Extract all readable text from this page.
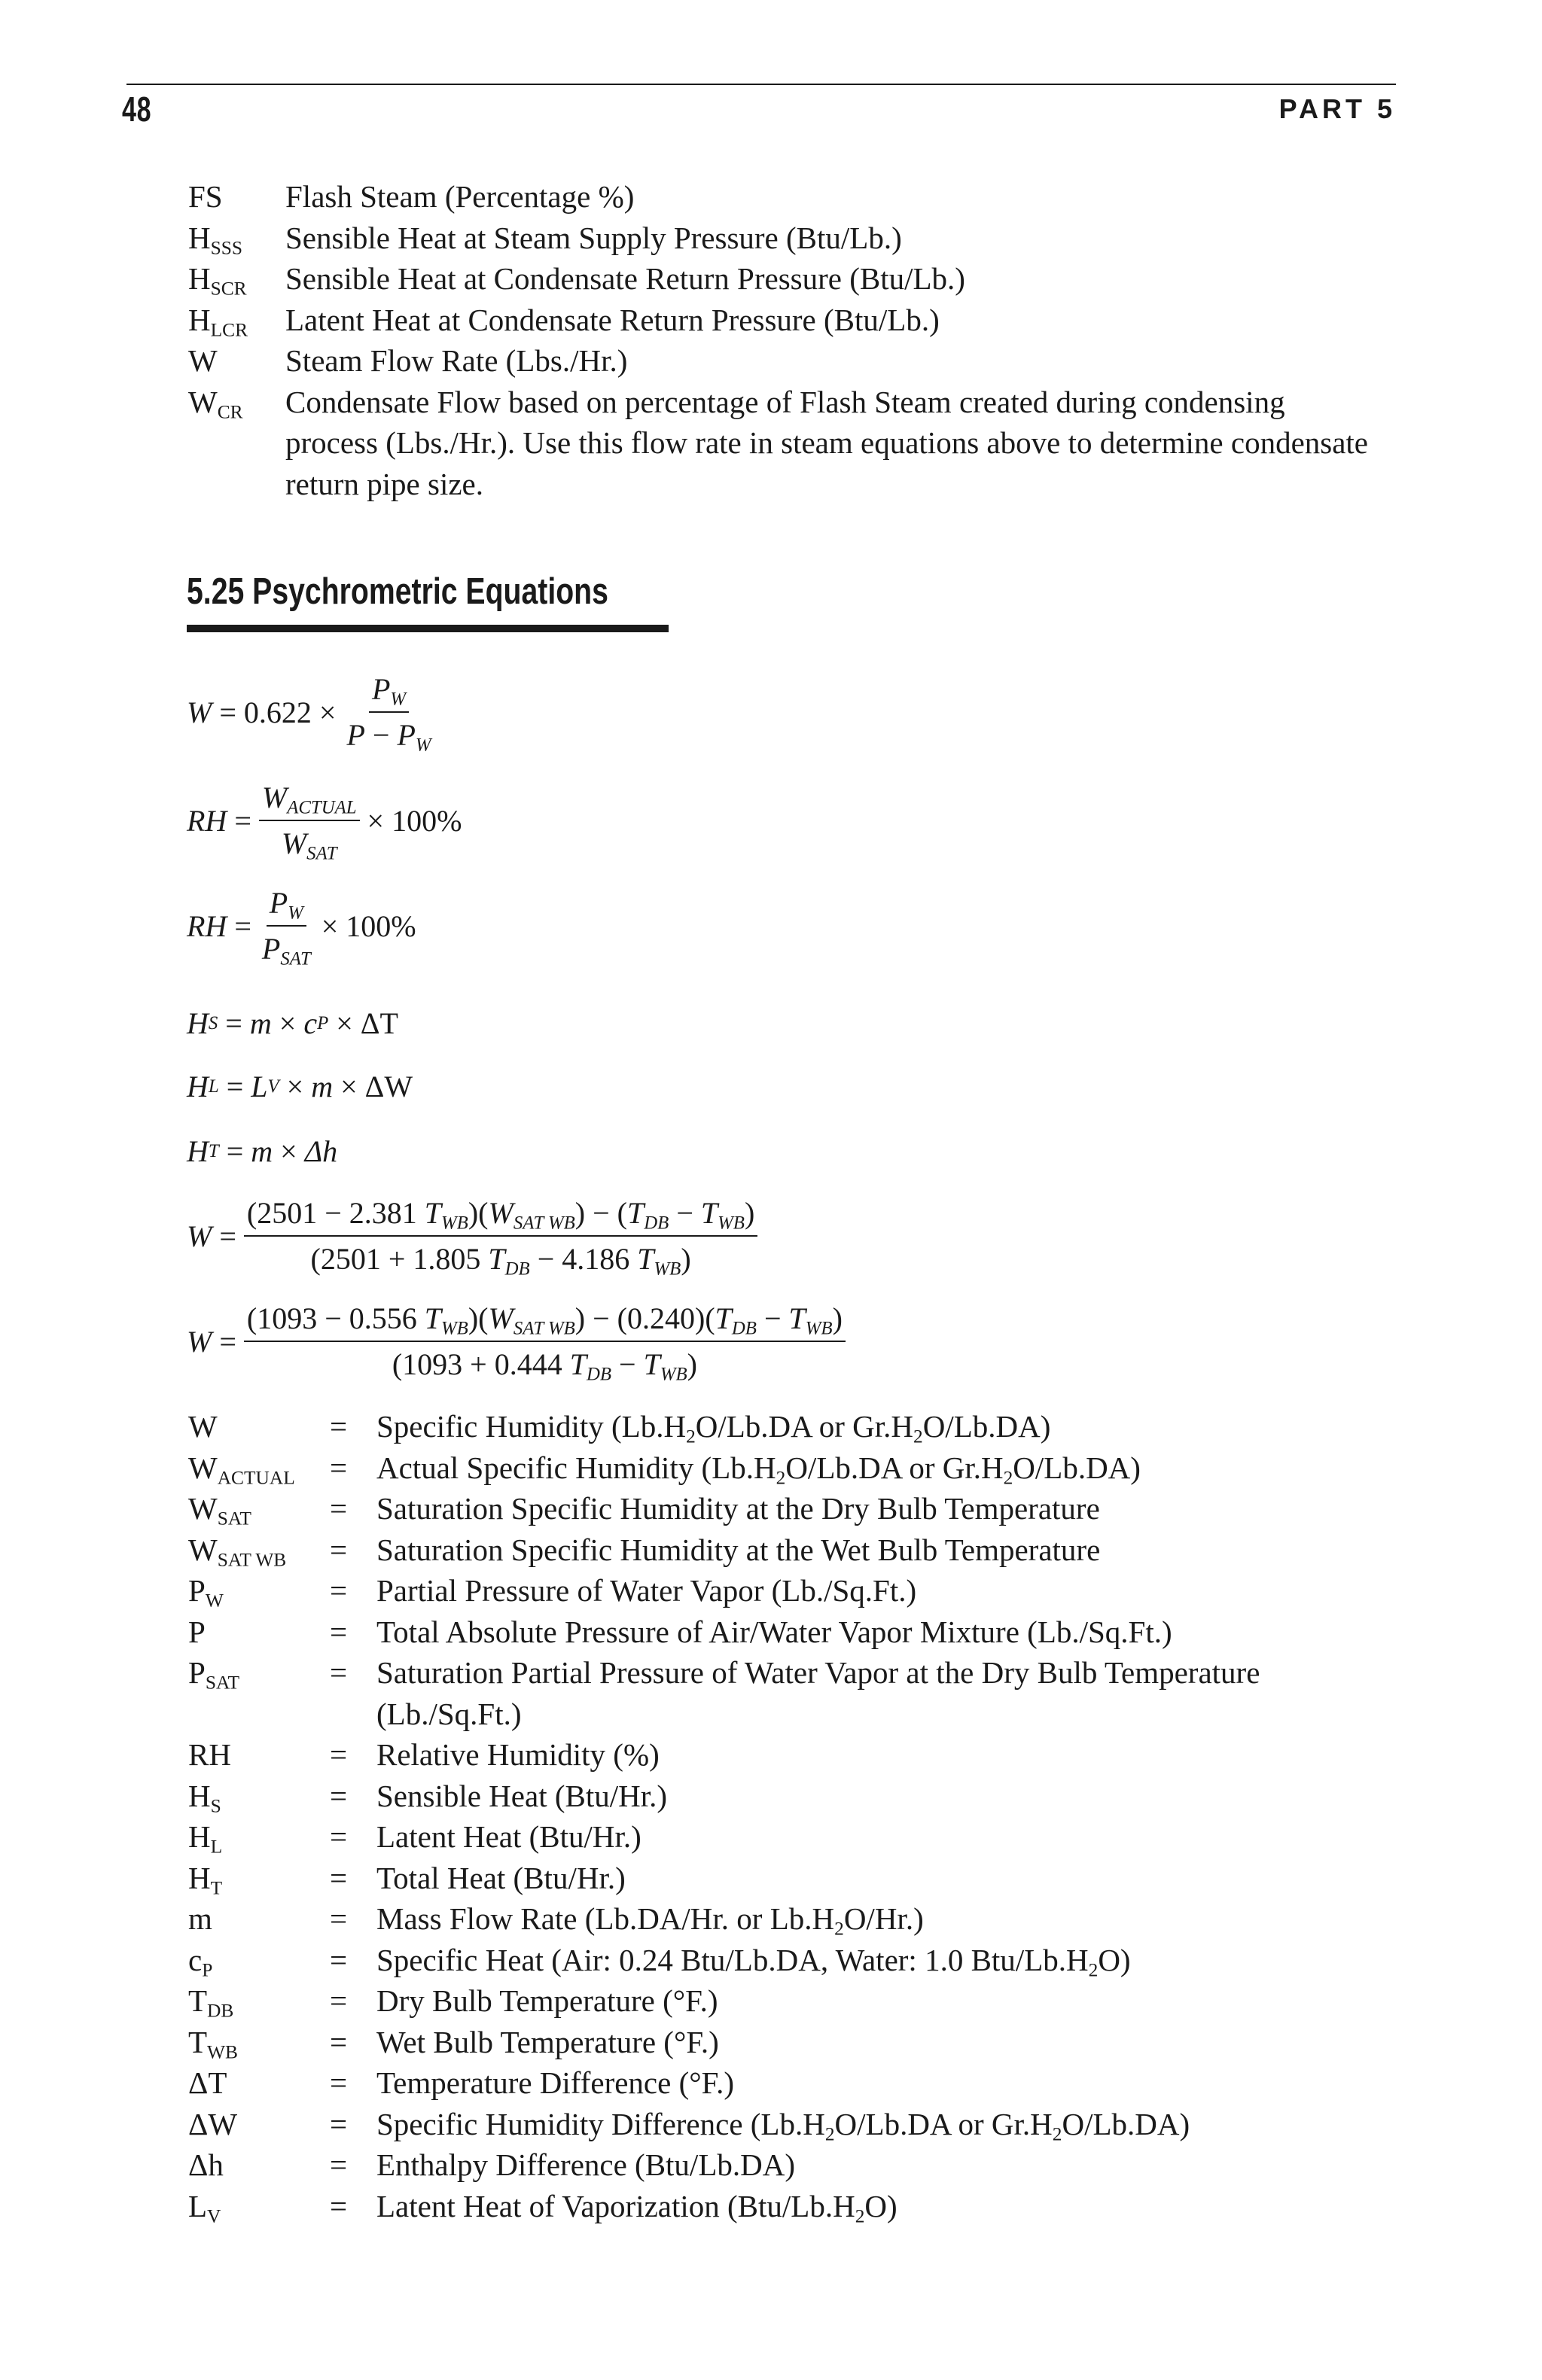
48	PART 5
FS	Flash Steam (Percentage %)
$H_{SSS}$	Sensible Heat at Steam Supply Pressure (Btu/Lb.)
$H_{SCR}$	Sensible Heat at Condensate Return Pressure (Btu/Lb.)
$H_{LCR}$	Latent Heat at Condensate Return Pressure (Btu/Lb.)
W	Steam Flow Rate (Lbs./Hr.)
$W_{CR}$	Condensate Flow based on percentage of Flash Steam created during condensing process (Lbs./Hr.). Use this flow rate in steam equations above to determine condensate return pipe size.
5.25 Psychrometric Equations
W
=
0.622
× $\frac{P_W}{P - P_W}$
RH
= $\frac{W_{ACTUAL}}{W_{SAT}} \times 100\%$
RH
= $\frac{P_W}{P_{SAT}} \times 100\%$
H S
=
m
×
c P
×
ΔT
H L
=
L V
×
m
×
ΔW
H T
=
m
×
Δh
W
= $\frac{(2501 - 2.381 T_{WB})(W_{SAT WB}) - (T_{DB} - T_{WB})}{(2501 + 1.805 T_{DB} - 4.186 T_{WB})}$
W
= $\frac{(1093 - 0.556 T_{WB})(W_{SAT WB}) - (0.240)(T_{DB} - T_{WB})}{(1093 + 0.444 T_{DB} - T_{WB})}$
W	= Specific Humidity ($Lb.H_2O/Lb.DA$ or $Gr.H_2O/Lb.DA$)
$W_{ACTUAL}$	= Actual Specific Humidity ($Lb.H_2O/Lb.DA$ or $Gr.H_2O/Lb.DA$)
$W_{SAT}$	= Saturation Specific Humidity at the Dry Bulb Temperature
$W_{SAT WB}$	= Saturation Specific Humidity at the Wet Bulb Temperature
$P_W$	= Partial Pressure of Water Vapor (Lb./Sq.Ft.)
P	= Total Absolute Pressure of Air/Water Vapor Mixture (Lb./Sq.Ft.)
$P_{SAT}$	= Saturation Partial Pressure of Water Vapor at the Dry Bulb Temperature (Lb./Sq.Ft.)
RH	= Relative Humidity (%)
$H_S$	= Sensible Heat (Btu/Hr.)
$H_L$	= Latent Heat (Btu/Hr.)
$H_T$	= Total Heat (Btu/Hr.)
m	= Mass Flow Rate (Lb.DA/Hr. or $Lb.H_2O/Hr$.)
$c_P$	= Specific Heat (Air: 0.24 Btu/Lb.DA, Water: 1.0 Btu/$Lb.H_2O$)
$T_{DB}$	= Dry Bulb Temperature (°F.)
$T_{WB}$	= Wet Bulb Temperature (°F.)
ΔT	= Temperature Difference (°F.)
ΔW	= Specific Humidity Difference ($Lb.H_2O/Lb.DA$ or $Gr.H_2O/Lb.DA$)
Δh	= Enthalpy Difference (Btu/Lb.DA)
$L_V$	= Latent Heat of Vaporization $(Btu/Lb.H_2O)$
